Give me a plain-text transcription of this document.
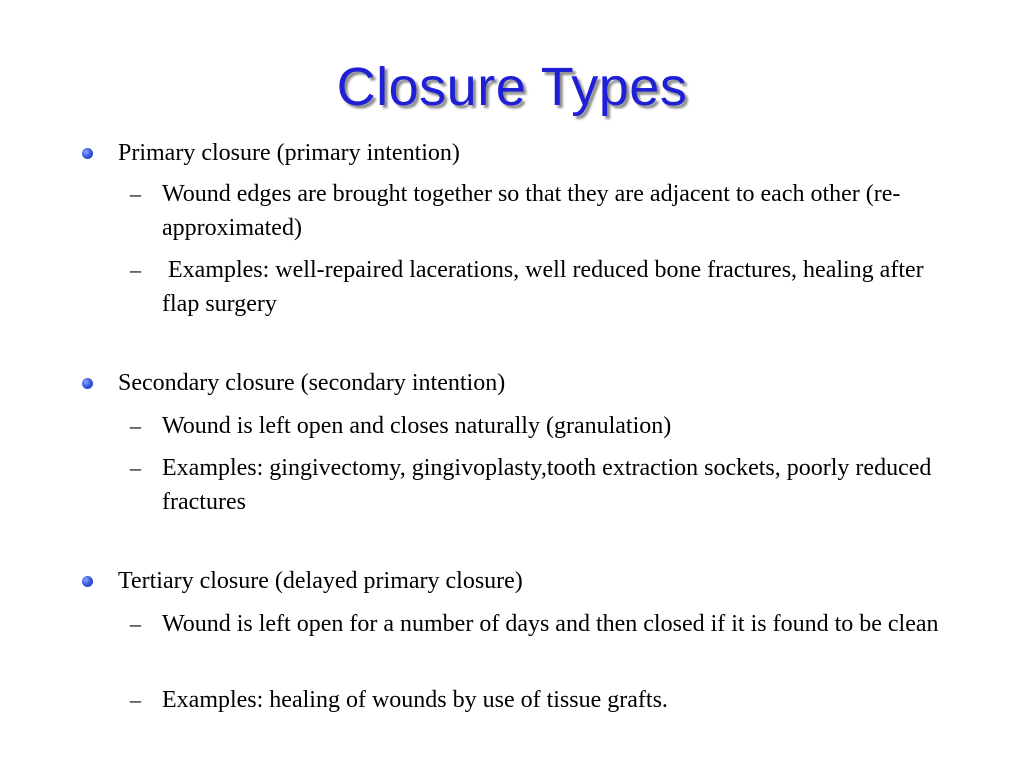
Closure Types

Primary closure (primary intention)

– Wound edges are brought together so that they are adjacent to each other (re-approximated)

– Examples: well-repaired lacerations, well reduced bone fractures, healing after flap surgery

Secondary closure (secondary intention)

– Wound is left open and closes naturally (granulation)

– Examples: gingivectomy, gingivoplasty,tooth extraction sockets, poorly reduced fractures

Tertiary closure (delayed primary closure)

– Wound is left open for a number of days and then closed if it is found to be clean

– Examples: healing of wounds by use of tissue grafts.
